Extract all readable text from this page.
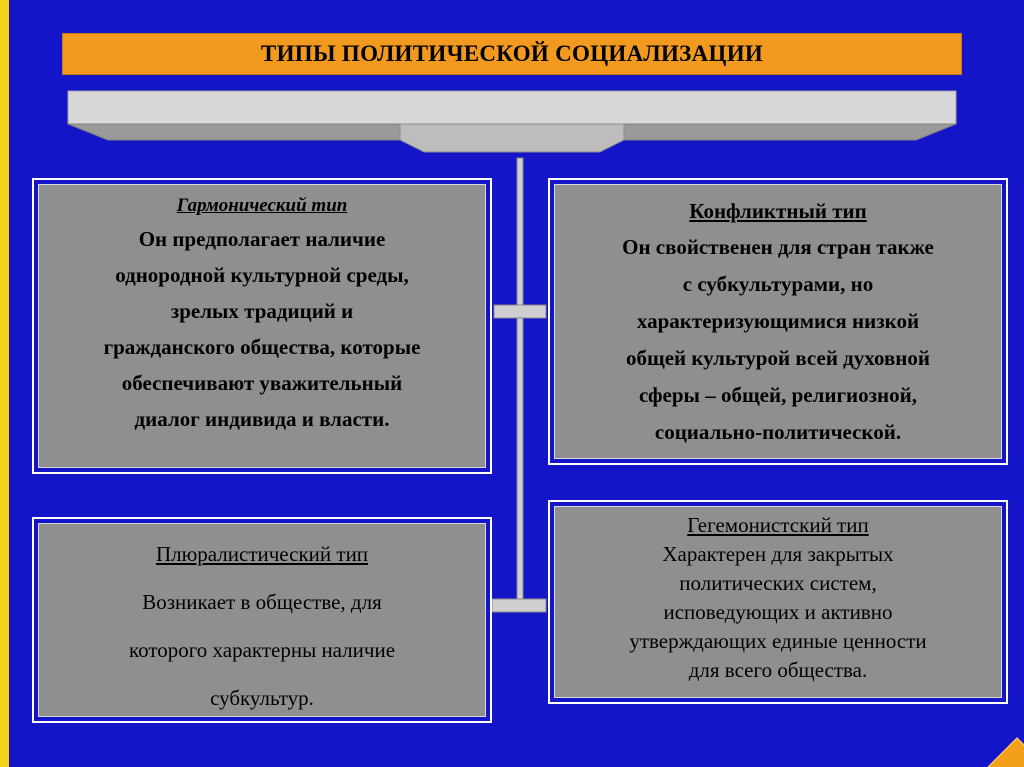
ТИПЫ ПОЛИТИЧЕСКОЙ СОЦИАЛИЗАЦИИ
Гармонический тип
Он предполагает наличие
однородной культурной среды,
зрелых традиций и
гражданского общества, которые
обеспечивают уважительный
диалог индивида и власти.
Конфликтный тип
Он свойственен для стран также
с субкультурами, но
характеризующимися низкой
общей культурой всей духовной
сферы – общей, религиозной,
социально-политической.
Плюралистический тип
Возникает в обществе, для
которого характерны наличие
субкультур.
Гегемонистский тип
Характерен для закрытых
политических систем,
исповедующих и активно
утверждающих единые ценности
для всего общества.
